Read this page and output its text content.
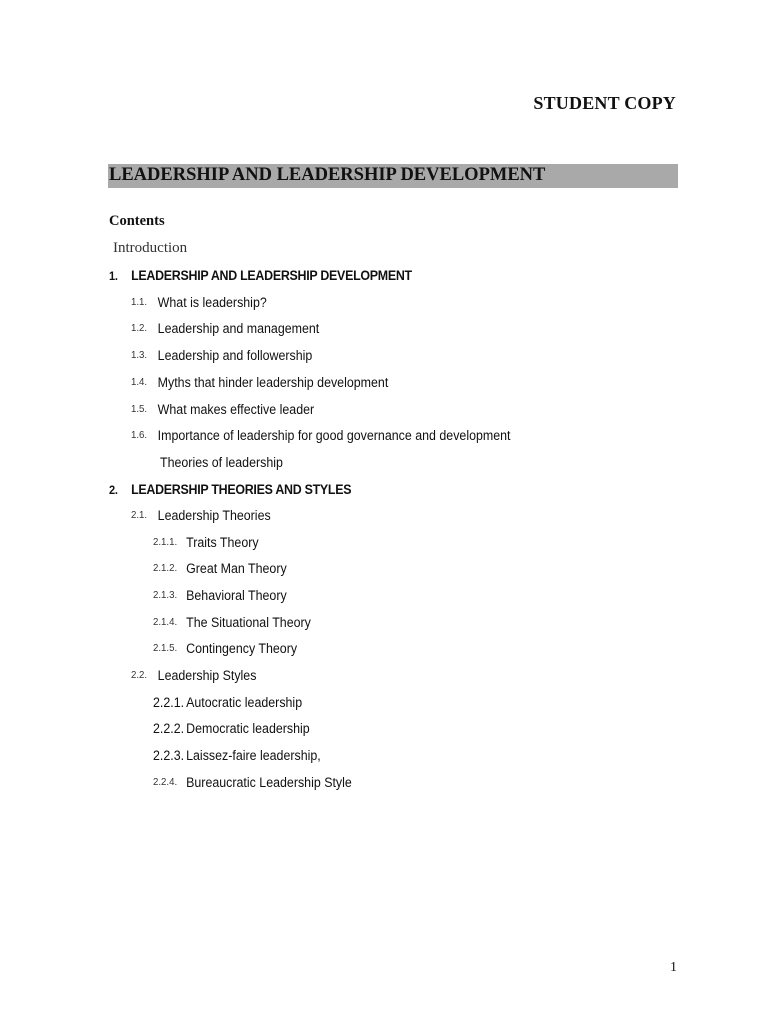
STUDENT COPY
LEADERSHIP AND LEADERSHIP DEVELOPMENT
Contents
Introduction
1. LEADERSHIP AND LEADERSHIP DEVELOPMENT
1.1. What is leadership?
1.2. Leadership and management
1.3. Leadership and followership
1.4. Myths that hinder leadership development
1.5. What makes effective leader
1.6. Importance of leadership for good governance and development
Theories of leadership
2. LEADERSHIP THEORIES AND STYLES
2.1. Leadership Theories
2.1.1. Traits Theory
2.1.2. Great Man Theory
2.1.3. Behavioral Theory
2.1.4. The Situational Theory
2.1.5. Contingency Theory
2.2. Leadership Styles
2.2.1. Autocratic leadership
2.2.2. Democratic leadership
2.2.3. Laissez-faire leadership,
2.2.4. Bureaucratic Leadership Style
1
